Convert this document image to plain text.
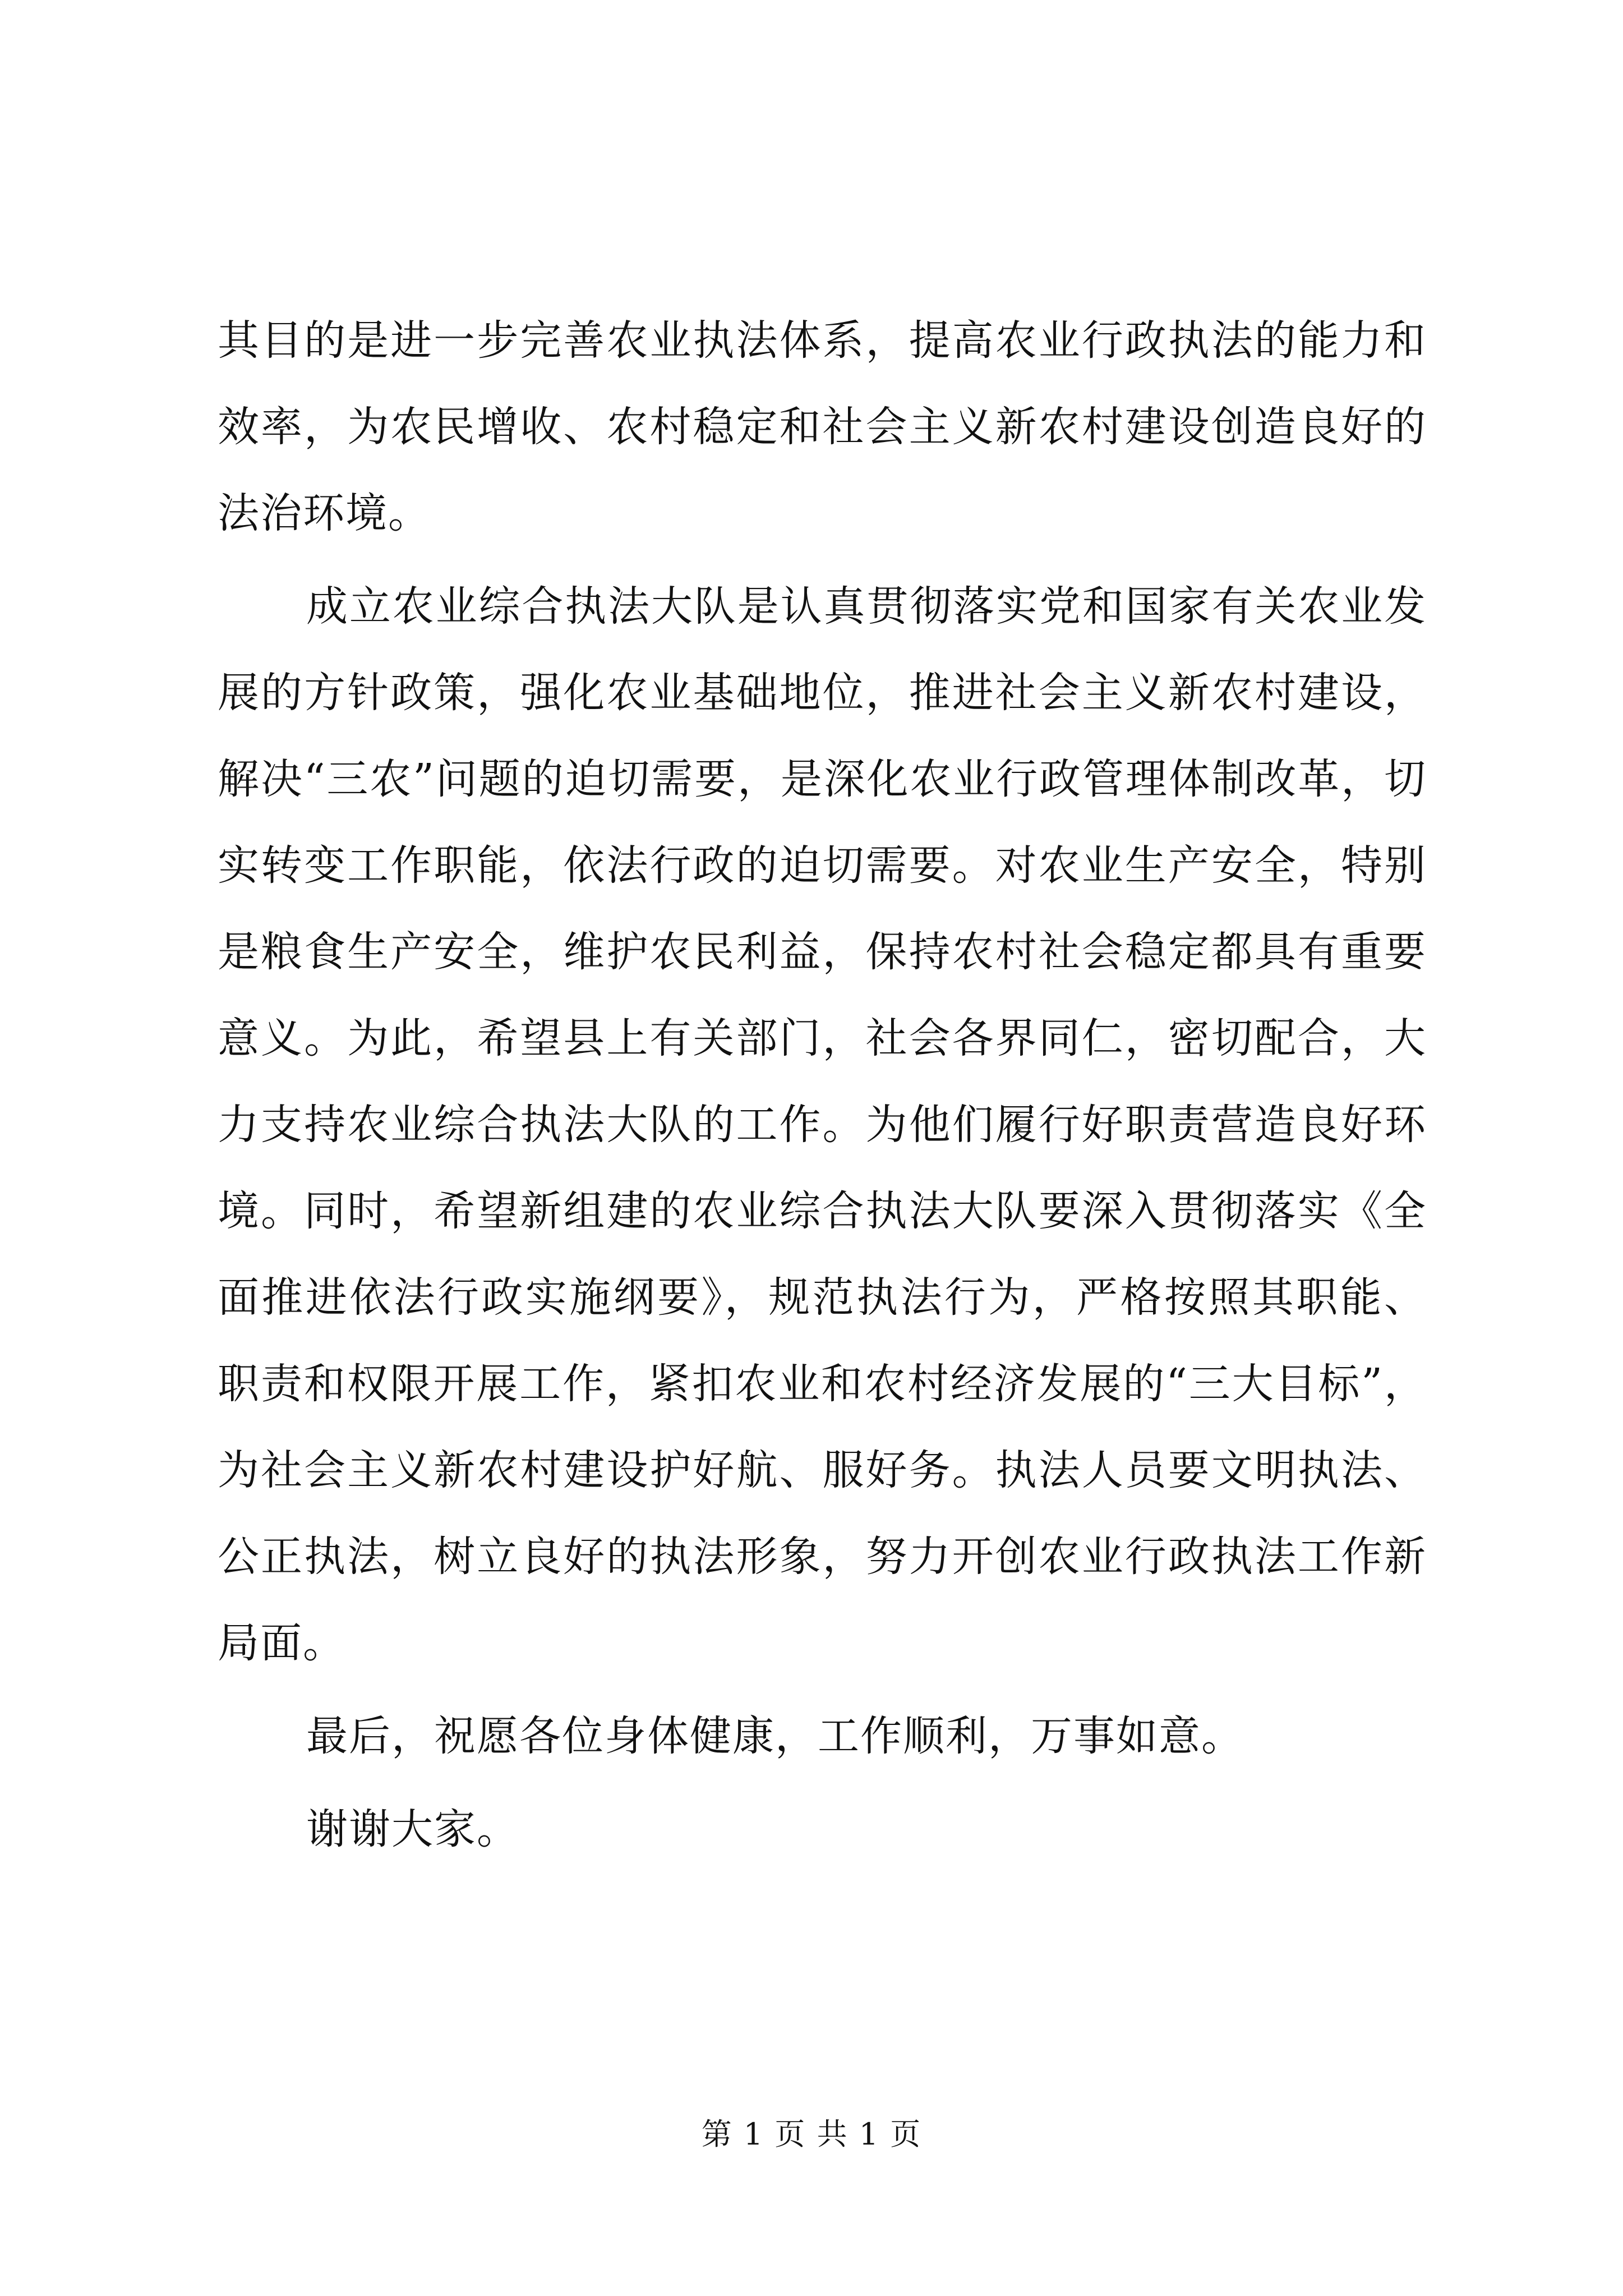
其目的是进一步完善农业执法体系，提高农业行政执法的能力和效率，为农民增收、农村稳定和社会主义新农村建设创造良好的法治环境。

成立农业综合执法大队是认真贯彻落实党和国家有关农业发展的方针政策，强化农业基础地位，推进社会主义新农村建设，解决“三农”问题的迫切需要，是深化农业行政管理体制改革，切实转变工作职能，依法行政的迫切需要。对农业生产安全，特别是粮食生产安全，维护农民利益，保持农村社会稳定都具有重要意义。为此，希望县上有关部门，社会各界同仁，密切配合，大力支持农业综合执法大队的工作。为他们履行好职责营造良好环境。同时，希望新组建的农业综合执法大队要深入贯彻落实《全面推进依法行政实施纲要》，规范执法行为，严格按照其职能、职责和权限开展工作，紧扣农业和农村经济发展的“三大目标”，为社会主义新农村建设护好航、服好务。执法人员要文明执法、公正执法，树立良好的执法形象，努力开创农业行政执法工作新局面。

最后，祝愿各位身体健康，工作顺利，万事如意。

谢谢大家。

第 1 页 共 1 页
